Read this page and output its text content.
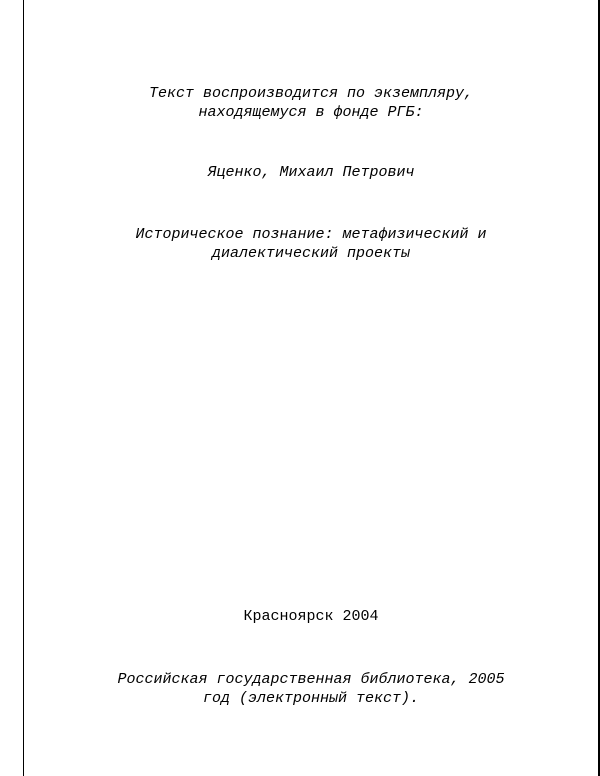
Текст воспроизводится по экземпляру,
находящемуся в фонде РГБ:
Яценко, Михаил Петрович
Историческое познание: метафизический и
диалектический проекты
Красноярск 2004
Российская государственная библиотека, 2005
год (электронный текст).
